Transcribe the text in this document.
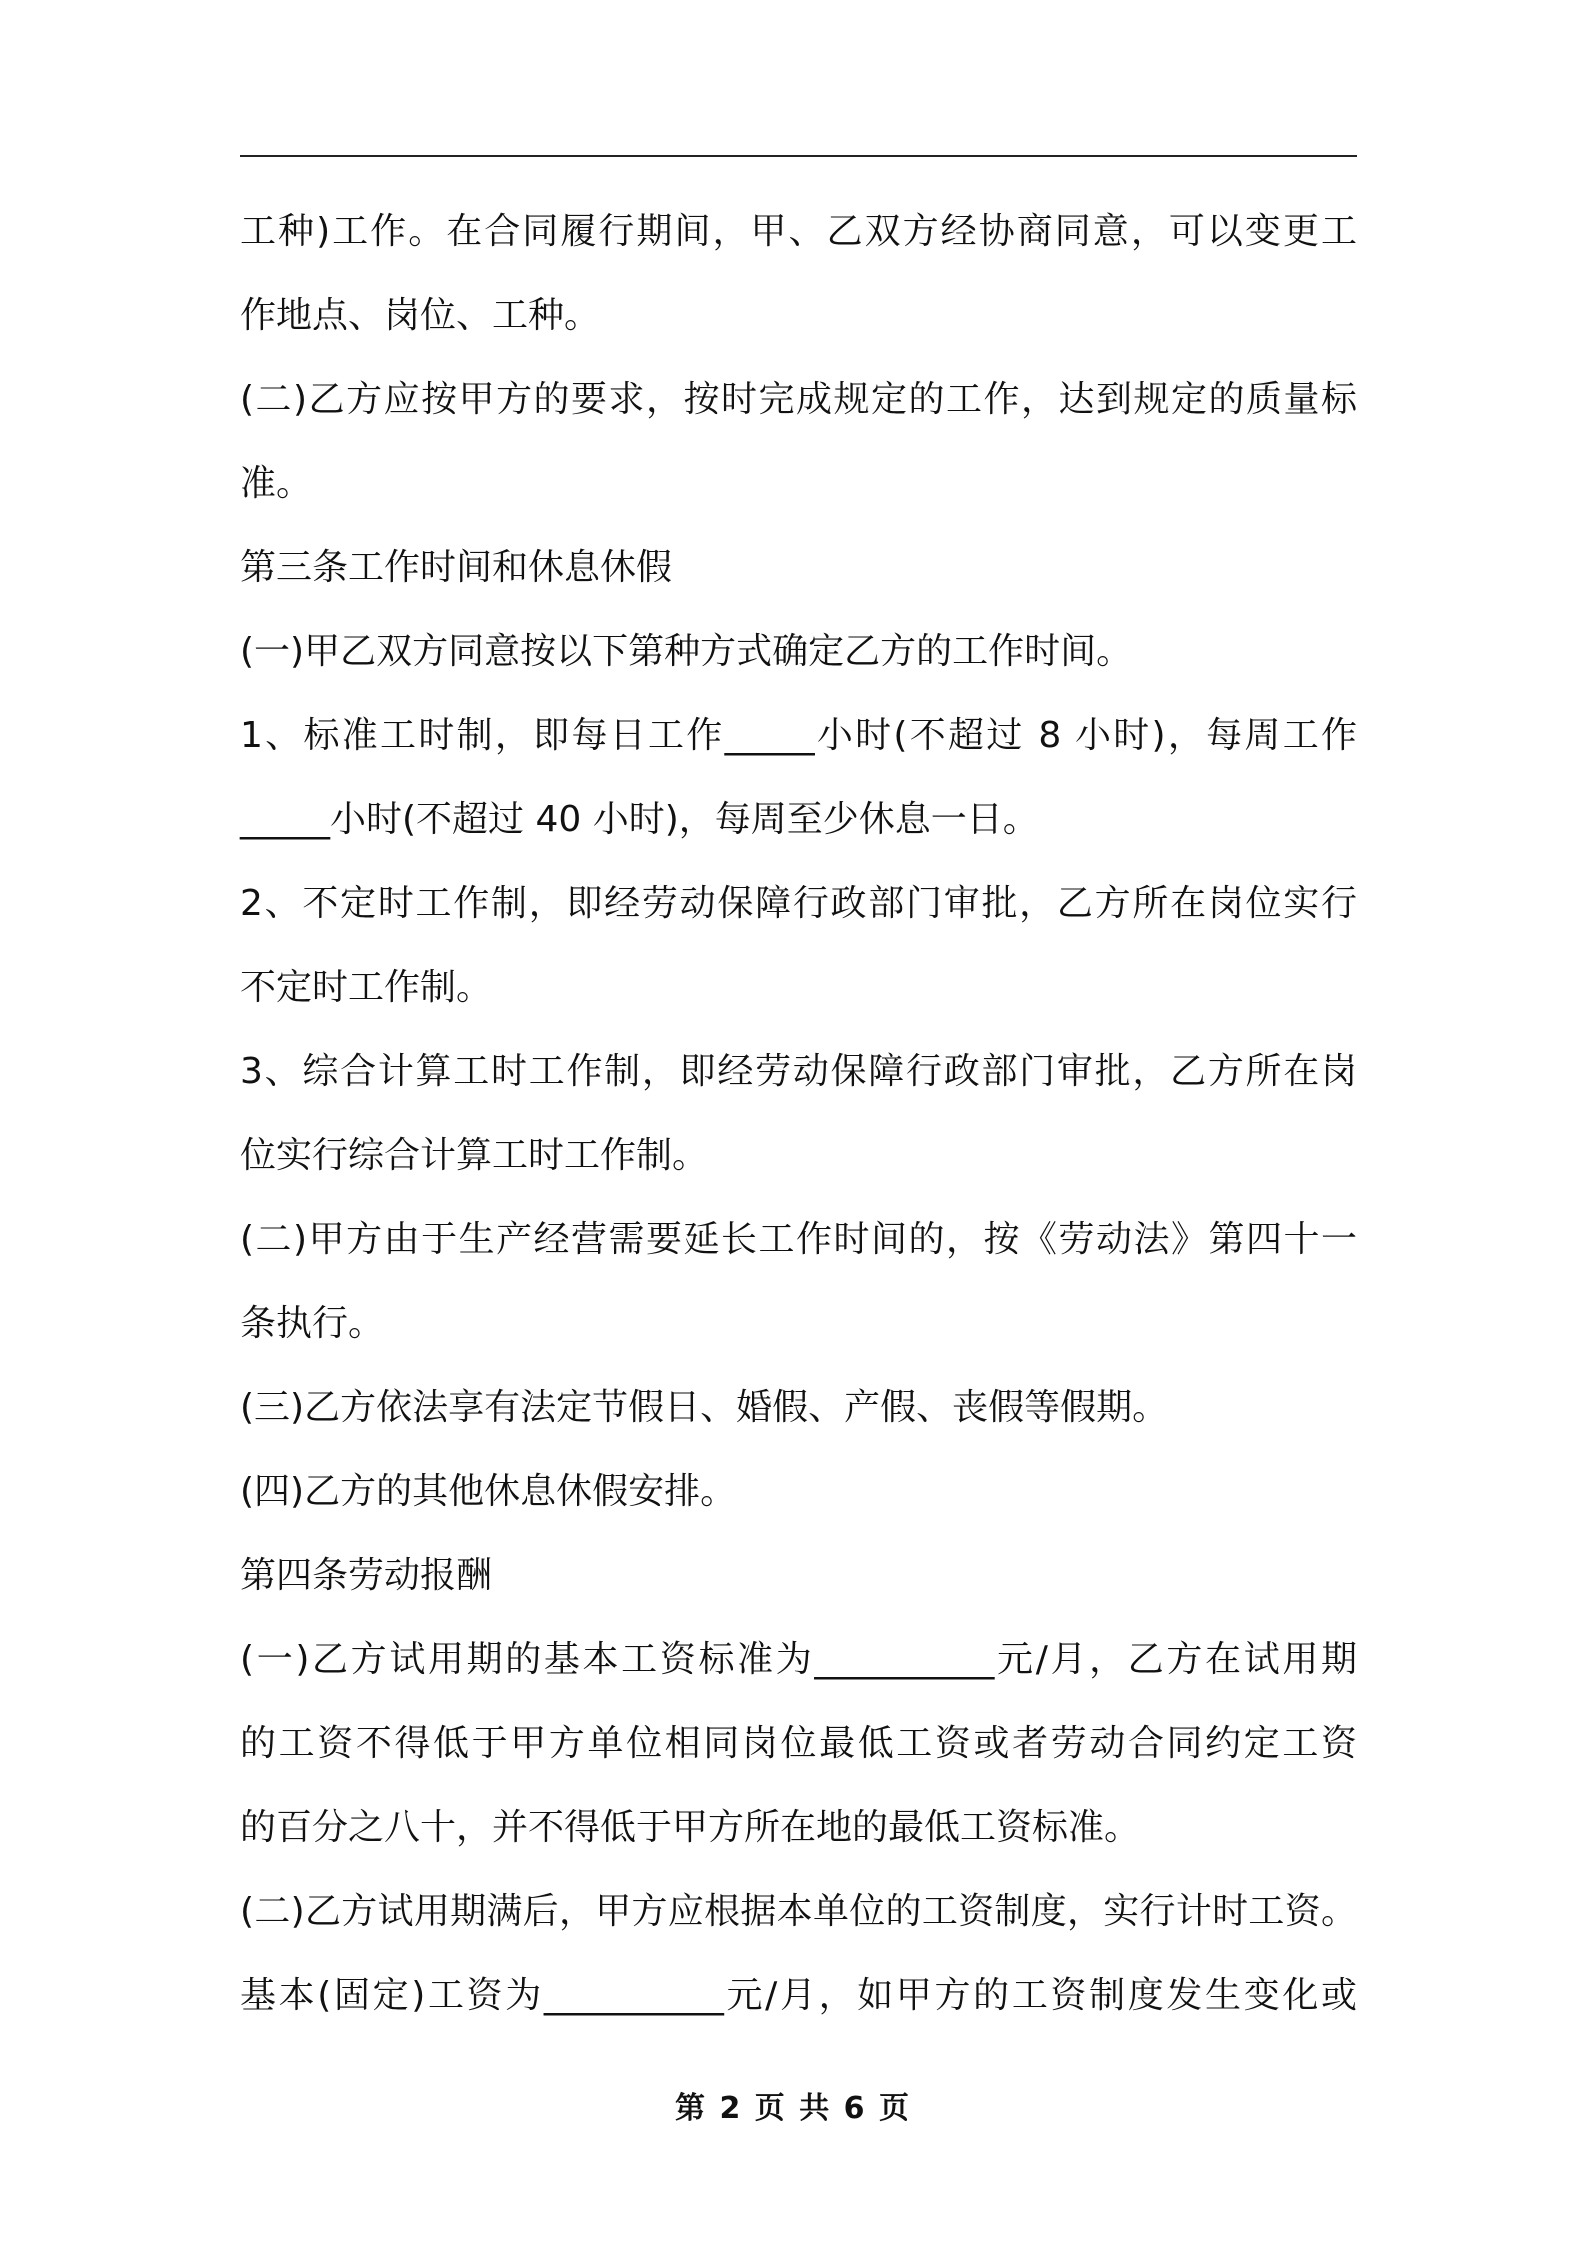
工种)工作。在合同履行期间，甲、乙双方经协商同意，可以变更工
作地点、岗位、工种。
(二)乙方应按甲方的要求，按时完成规定的工作，达到规定的质量标
准。
第三条工作时间和休息休假
(一)甲乙双方同意按以下第种方式确定乙方的工作时间。
1、标准工时制，即每日工作_____小时(不超过 8 小时)，每周工作
_____小时(不超过 40 小时)，每周至少休息一日。
2、不定时工作制，即经劳动保障行政部门审批，乙方所在岗位实行
不定时工作制。
3、综合计算工时工作制，即经劳动保障行政部门审批，乙方所在岗
位实行综合计算工时工作制。
(二)甲方由于生产经营需要延长工作时间的，按《劳动法》第四十一
条执行。
(三)乙方依法享有法定节假日、婚假、产假、丧假等假期。
(四)乙方的其他休息休假安排。
第四条劳动报酬
(一)乙方试用期的基本工资标准为__________元/月，乙方在试用期
的工资不得低于甲方单位相同岗位最低工资或者劳动合同约定工资
的百分之八十，并不得低于甲方所在地的最低工资标准。
(二)乙方试用期满后，甲方应根据本单位的工资制度，实行计时工资。
基本(固定)工资为__________元/月，如甲方的工资制度发生变化或
第 2 页 共 6 页
